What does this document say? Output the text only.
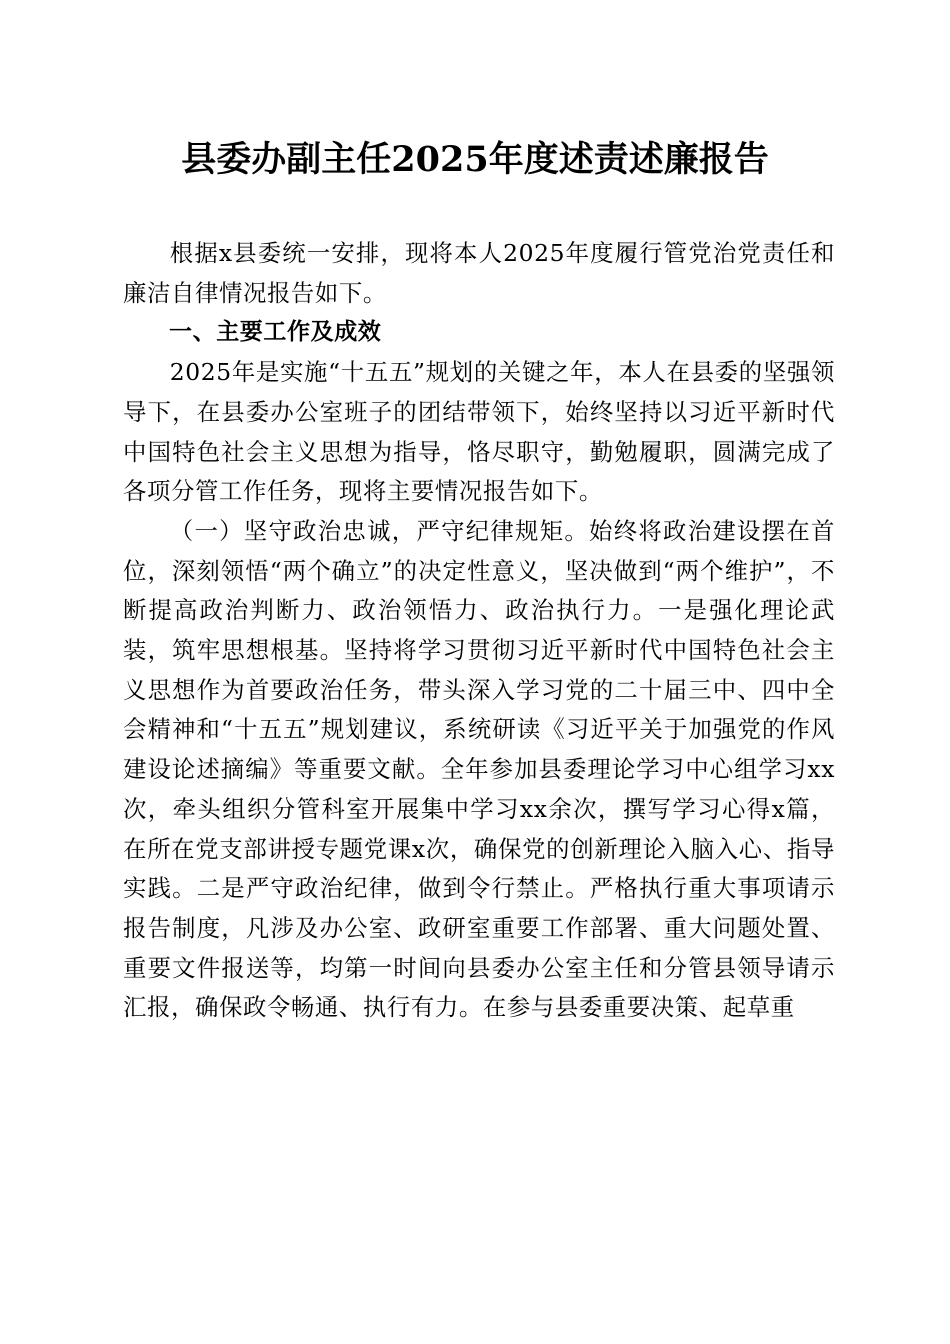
县委办副主任2025年度述责述廉报告

根据x县委统一安排，现将本人2025年度履行管党治党责任和廉洁自律情况报告如下。

一、主要工作及成效

2025年是实施“十五五”规划的关键之年，本人在县委的坚强领导下，在县委办公室班子的团结带领下，始终坚持以习近平新时代中国特色社会主义思想为指导，恪尽职守，勤勉履职，圆满完成了各项分管工作任务，现将主要情况报告如下。

（一）坚守政治忠诚，严守纪律规矩。始终将政治建设摆在首位，深刻领悟“两个确立”的决定性意义，坚决做到“两个维护”，不断提高政治判断力、政治领悟力、政治执行力。一是强化理论武装，筑牢思想根基。坚持将学习贯彻习近平新时代中国特色社会主义思想作为首要政治任务，带头深入学习党的二十届三中、四中全会精神和“十五五”规划建议，系统研读《习近平关于加强党的作风建设论述摘编》等重要文献。全年参加县委理论学习中心组学习xx次，牵头组织分管科室开展集中学习xx余次，撰写学习心得x篇，在所在党支部讲授专题党课x次，确保党的创新理论入脑入心、指导实践。二是严守政治纪律，做到令行禁止。严格执行重大事项请示报告制度，凡涉及办公室、政研室重要工作部署、重大问题处置、重要文件报送等，均第一时间向县委办公室主任和分管县领导请示汇报，确保政令畅通、执行有力。在参与县委重要决策、起草重
